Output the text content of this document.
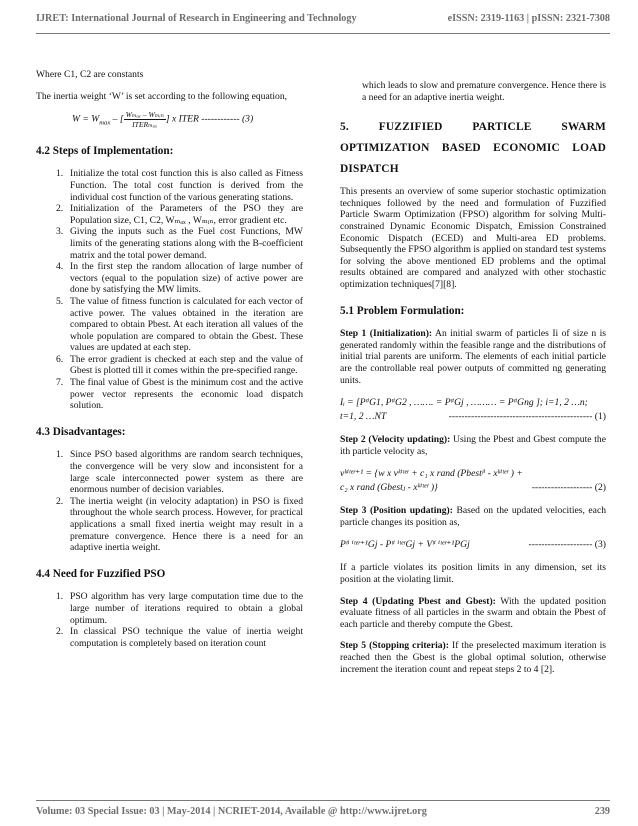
IJRET: International Journal of Research in Engineering and Technology	eISSN: 2319-1163 | pISSN: 2321-7308

Where C1, C2 are constants

The inertia weight ‘W’ is set according to the following equation,

$W = W_{max}$ – [ $\frac{\text{Wₘₐₓ – Wₘᵢₙ}}{\text{ITERₘₐₓ}}$] x ITER ------------ (3)
4.2 Steps of Implementation:
1. Initialize the total cost function this is also called as Fitness Function. The total cost function is derived from the individual cost function of the various generating stations.
2. Initialization of the Parameters of the PSO they are Population size, C1, C2, Wₘₐₓ , Wₘᵢₙ, error gradient etc.
3. Giving the inputs such as the Fuel cost Functions, MW limits of the generating stations along with the B-coefficient matrix and the total power demand.
4. In the first step the random allocation of large number of vectors (equal to the population size) of active power are done by satisfying the MW limits.
5. The value of fitness function is calculated for each vector of active power. The values obtained in the iteration are compared to obtain Pbest. At each iteration all values of the whole population are compared to obtain the Gbest. These values are updated at each step.
6. The error gradient is checked at each step and the value of Gbest is plotted till it comes within the pre-specified range.
7. The final value of Gbest is the minimum cost and the active power vector represents the economic load dispatch solution.
4.3 Disadvantages:
1. Since PSO based algorithms are random search techniques, the convergence will be very slow and inconsistent for a large scale interconnected power system as there are enormous number of decision variables.
2. The inertia weight (in velocity adaptation) in PSO is fixed throughout the whole search process. However, for practical applications a small fixed inertia weight may result in a premature convergence. Hence there is a need for an adaptive inertia weight.
4.4 Need for Fuzzified PSO
1. PSO algorithm has very large computation time due to the large number of iterations required to obtain a global optimum.
2. In classical PSO technique the value of inertia weight computation is completely based on iteration count

which leads to slow and premature convergence. Hence there is a need for an adaptive inertia weight.

5. FUZZIFIED PARTICLE SWARM OPTIMIZATION BASED ECONOMIC LOAD DISPATCH

This presents an overview of some superior stochastic optimization techniques followed by the need and formulation of Fuzzified Particle Swarm Optimization (FPSO) algorithm for solving Multi-constrained Dynamic Economic Dispatch, Emission Constrained Economic Dispatch (ECED) and Multi-area ED problems. Subsequently the FPSO algorithm is applied on standard test systems for solving the above mentioned ED problems and the optimal results obtained are compared and analyzed with other stochastic optimization techniques[7][8].

5.1 Problem Formulation:

Step 1 (Initialization): An initial swarm of particles Ii of size n is generated randomly within the feasible range and the distributions of initial trial parents are uniform. The elements of each initial particle are the controllable real power outputs of committed ng generating units.

Iᵢ = [PᵗⁱG1, PᵗⁱG2 , ……. = PᵗⁱGj , ……… = PᵗⁱGng ]; i=1, 2 …n;
t=1, 2 …NT	--------------------------------------------- (1)

Step 2 (Velocity updating): Using the Pbest and Gbest compute the ith particle velocity as,

vᵏⁱᵗᵉʳ⁺¹ = {w x vᵏⁱᵗᵉʳ + c₁ x rand (Pbestʲⁱ - xᵏⁱᵗᵉʳ ) +
c₂ x rand (Gbestⱼ - xᵏⁱᵗᵉʳ )}	------------------- (2)

Step 3 (Position updating): Based on the updated velocities, each particle changes its position as,

Pᵗⁱ ⁱᵗᵉʳ⁺¹Gj - Pᵗⁱ ⁱᵗᵉʳGj + Vᵗⁱ ⁱᵗᵉʳ⁺¹PGj	-------------------- (3)

If a particle violates its position limits in any dimension, set its position at the violating limit.

Step 4 (Updating Pbest and Gbest): With the updated position evaluate fitness of all particles in the swarm and obtain the Pbest of each particle and thereby compute the Gbest.

Step 5 (Stopping criteria): If the preselected maximum iteration is reached then the Gbest is the global optimal solution, otherwise increment the iteration count and repeat steps 2 to 4 [2].

Volume: 03 Special Issue: 03 | May-2014 | NCRIET-2014, Available @ http://www.ijret.org	239
